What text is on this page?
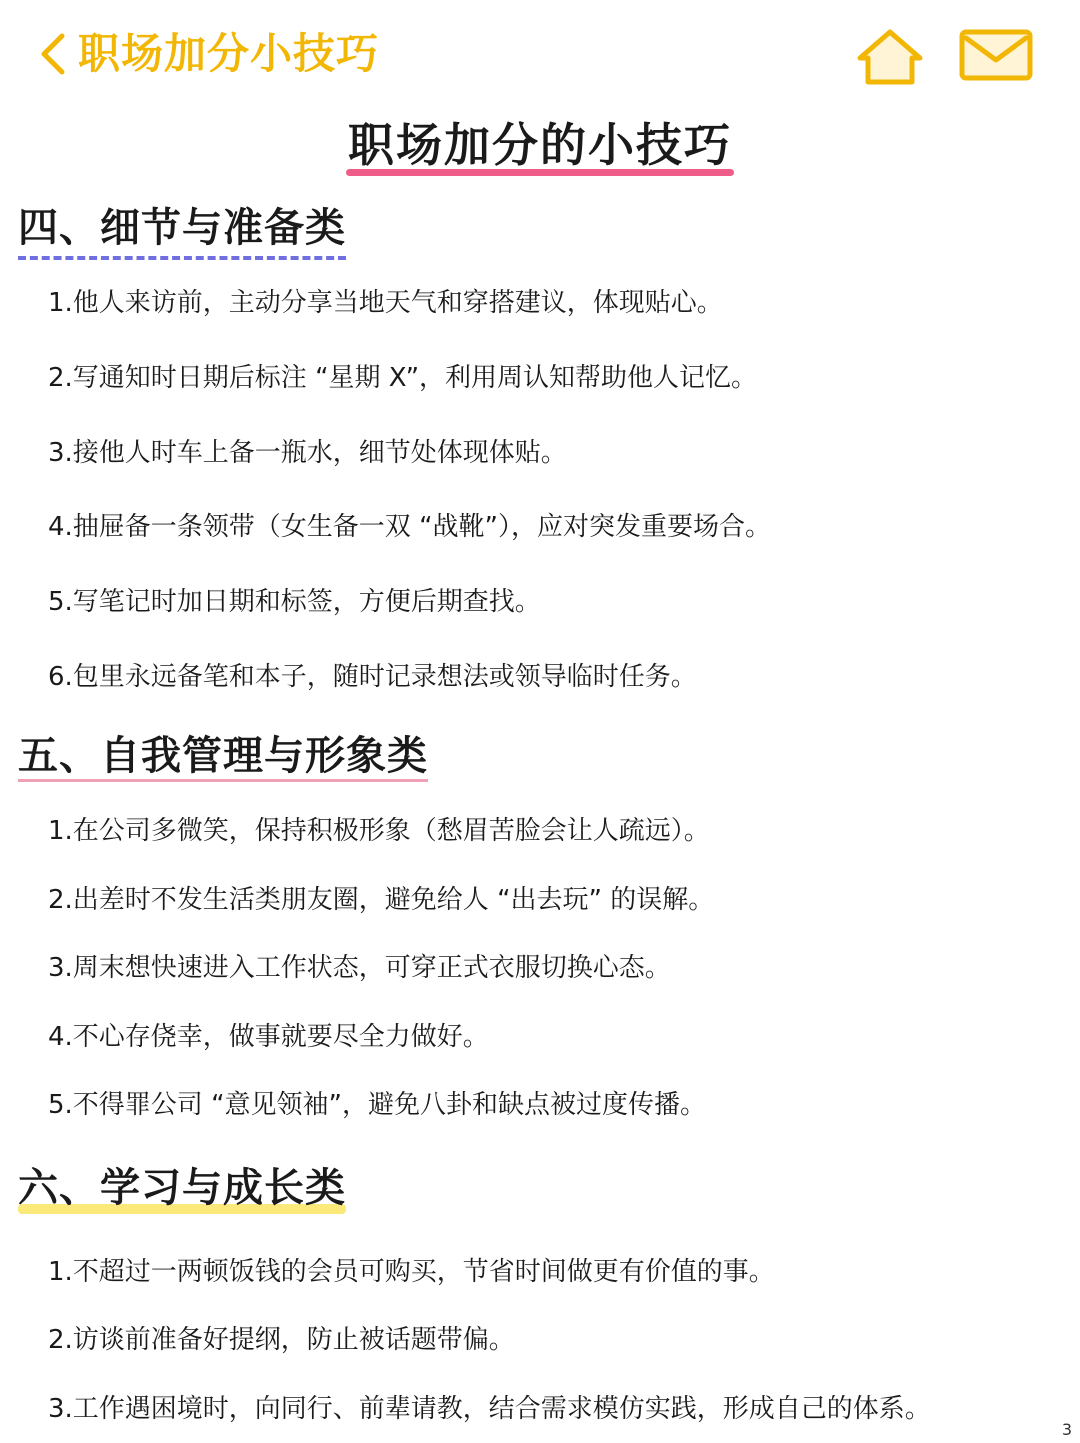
职场加分小技巧
职场加分的小技巧
四、细节与准备类
1.他人来访前，主动分享当地天气和穿搭建议，体现贴心。
2.写通知时日期后标注 “星期 X”，利用周认知帮助他人记忆。
3.接他人时车上备一瓶水，细节处体现体贴。
4.抽屉备一条领带（女生备一双 “战靴”），应对突发重要场合。
5.写笔记时加日期和标签，方便后期查找。
6.包里永远备笔和本子，随时记录想法或领导临时任务。
五、自我管理与形象类
1.在公司多微笑，保持积极形象（愁眉苦脸会让人疏远）。
2.出差时不发生活类朋友圈，避免给人 “出去玩” 的误解。
3.周末想快速进入工作状态，可穿正式衣服切换心态。
4.不心存侥幸，做事就要尽全力做好。
5.不得罪公司 “意见领袖”，避免八卦和缺点被过度传播。
六、学习与成长类
1.不超过一两顿饭钱的会员可购买，节省时间做更有价值的事。
2.访谈前准备好提纲，防止被话题带偏。
3.工作遇困境时，向同行、前辈请教，结合需求模仿实践，形成自己的体系。
3
